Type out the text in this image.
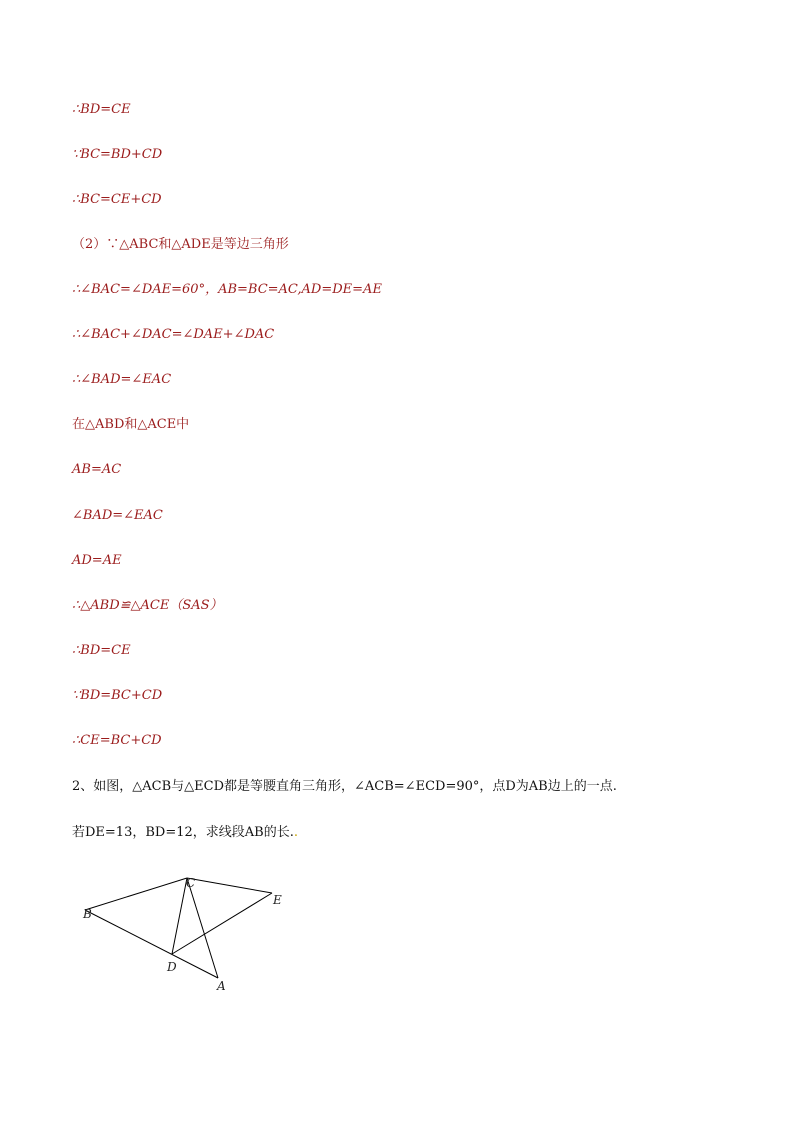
∴BD=CE
∵BC=BD+CD
∴BC=CE+CD
（2）∵△ABC和△ADE是等边三角形
∴∠BAC=∠DAE=60°，AB=BC=AC,AD=DE=AE
∴∠BAC+∠DAC=∠DAE+∠DAC
∴∠BAD=∠EAC
在△ABD和△ACE中
AB=AC
∠BAD=∠EAC
AD=AE
∴△ABD≌△ACE（SAS）
∴BD=CE
∵BD=BC+CD
∴CE=BC+CD
2、如图，△ACB与△ECD都是等腰直角三角形，∠ACB=∠ECD=90°，点D为AB边上的一点.
若DE=13，BD=12，求线段AB的长..
B
C
E
D
A
